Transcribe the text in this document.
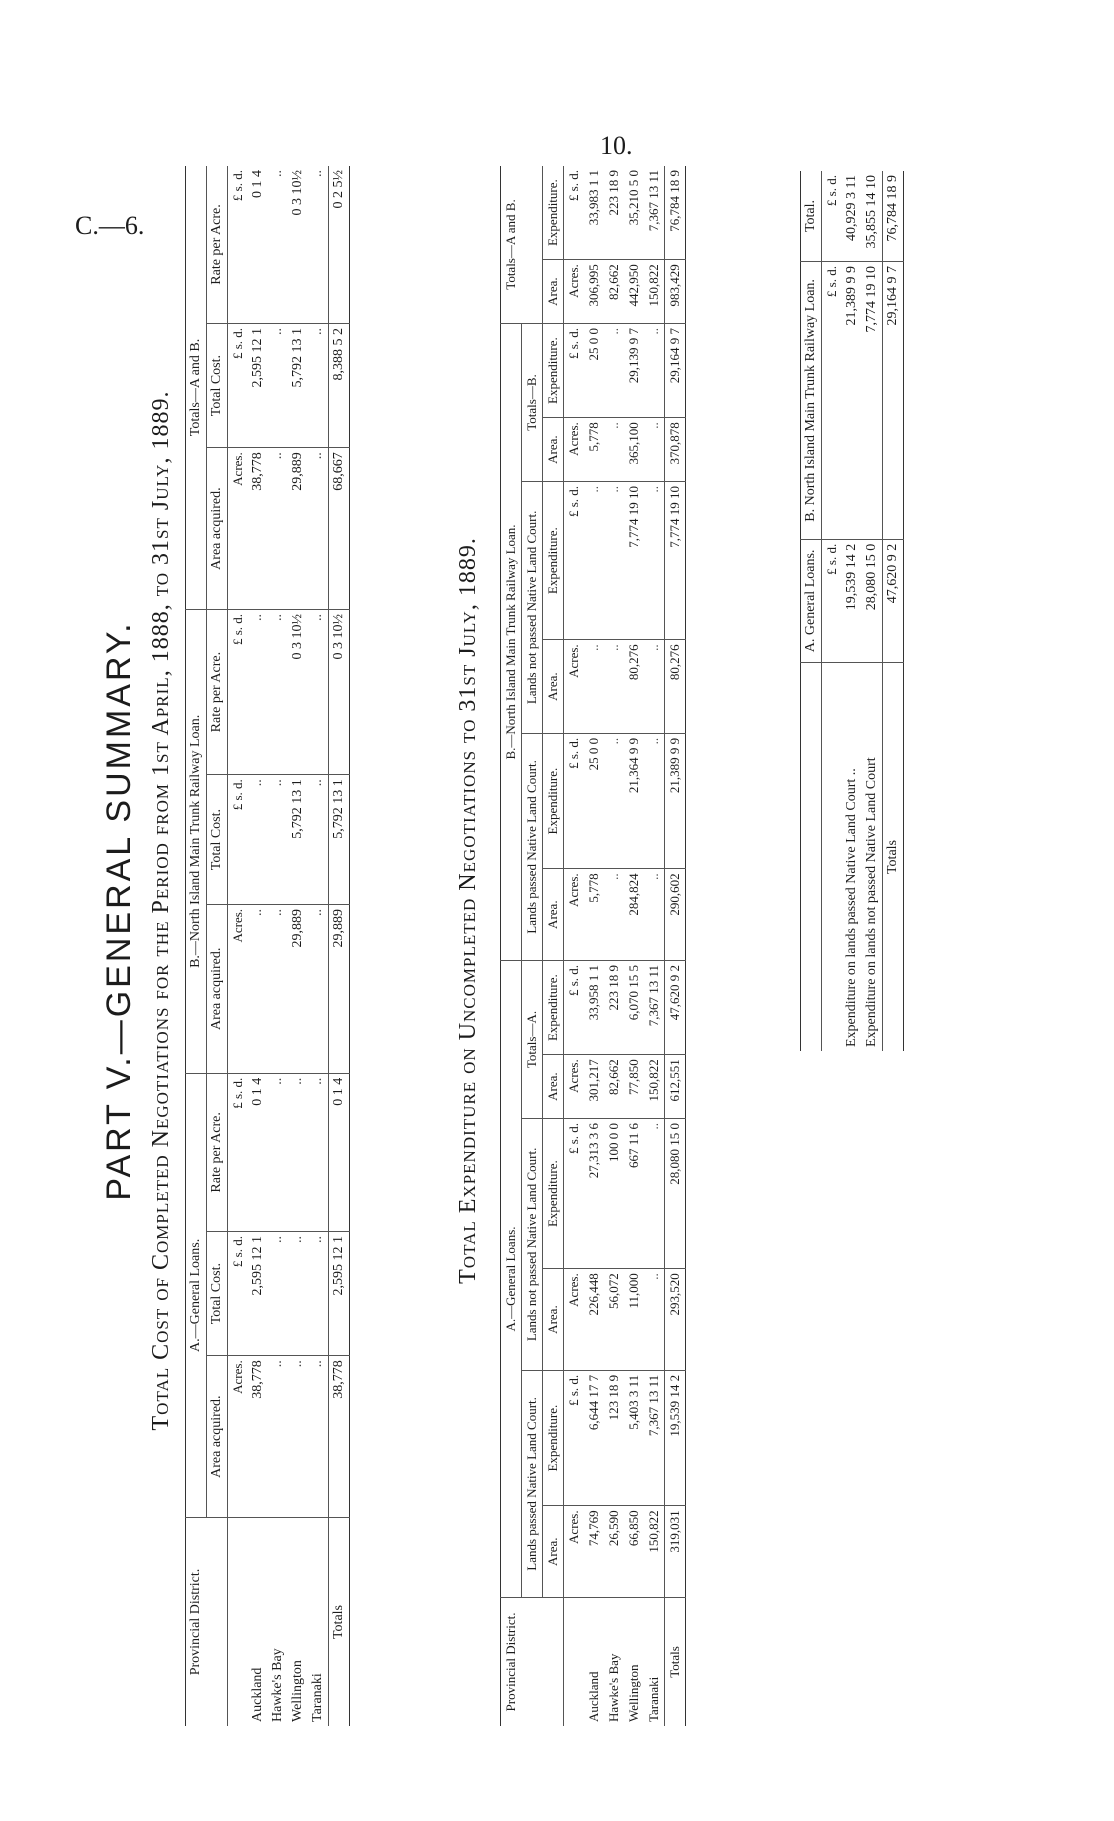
C.—6.
10.
PART V.—GENERAL SUMMARY. Total Cost of Completed Negotiations for the Period from 1st April, 1888, to 31st July, 1889.
Provincial District.	A.—General Loans.			B.—North Island Main Trunk Railway Loan.			Totals—A and B.		
	Area acquired.	Total Cost.	Rate per Acre.	Area acquired.	Total Cost.	Rate per Acre.	Area acquired.	Total Cost.	Rate per Acre.
	Acres.	£ s. d.	£ s. d.	Acres.	£ s. d.	£ s. d.	Acres.	£ s. d.	£ s. d.
Auckland	38,778	2,595 12 1	0 1 4	..	..	..	38,778	2,595 12 1	0 1 4
Hawke's Bay	..	..	..	..	..	..	..	..	..
Wellington	..	..	..	29,889	5,792 13 1	0 3 10½	29,889	5,792 13 1	0 3 10½
Taranaki	..	..	..	..	..	..	..	..	..
Totals	38,778	2,595 12 1	0 1 4	29,889	5,792 13 1	0 3 10½	68,667	8,388 5 2	0 2 5½
Total Expenditure on Uncompleted Negotiations to 31st July, 1889.
Provincial District.	A.—General Loans.						B.—North Island Main Trunk Railway Loan.						Totals—A and B.	
	Lands passed Native Land Court.		Lands not passed Native Land Court.		Totals—A.		Lands passed Native Land Court.		Lands not passed Native Land Court.		Totals—B.			
	Area.	Expenditure.	Area.	Expenditure.	Area.	Expenditure.	Area.	Expenditure.	Area.	Expenditure.	Area.	Expenditure.	Area.	Expenditure.
	Acres.	£ s. d.	Acres.	£ s. d.	Acres.	£ s. d.	Acres.	£ s. d.	Acres.	£ s. d.	Acres.	£ s. d.	Acres.	£ s. d.
Auckland	74,769	6,644 17 7	226,448	27,313 3 6	301,217	33,958 1 1	5,778	25 0 0	..	..	5,778	25 0 0	306,995	33,983 1 1
Hawke's Bay	26,590	123 18 9	56,072	100 0 0	82,662	223 18 9	..	..	..	..	..	..	82,662	223 18 9
Wellington	66,850	5,403 3 11	11,000	667 11 6	77,850	6,070 15 5	284,824	21,364 9 9	80,276	7,774 19 10	365,100	29,139 9 7	442,950	35,210 5 0
Taranaki	150,822	7,367 13 11	..	..	150,822	7,367 13 11	..	..	..	..	..	..	150,822	7,367 13 11
Totals	319,031	19,539 14 2	293,520	28,080 15 0	612,551	47,620 9 2	290,602	21,389 9 9	80,276	7,774 19 10	370,878	29,164 9 7	983,429	76,784 18 9
	A. General Loans.	B. North Island Main Trunk Railway Loan.	Total.
	£ s. d.	£ s. d.	£ s. d.
Expenditure on lands passed Native Land Court ..	19,539 14 2	21,389 9 9	40,929 3 11
Expenditure on lands not passed Native Land Court	28,080 15 0	7,774 19 10	35,855 14 10
Totals	47,620 9 2	29,164 9 7	76,784 18 9
